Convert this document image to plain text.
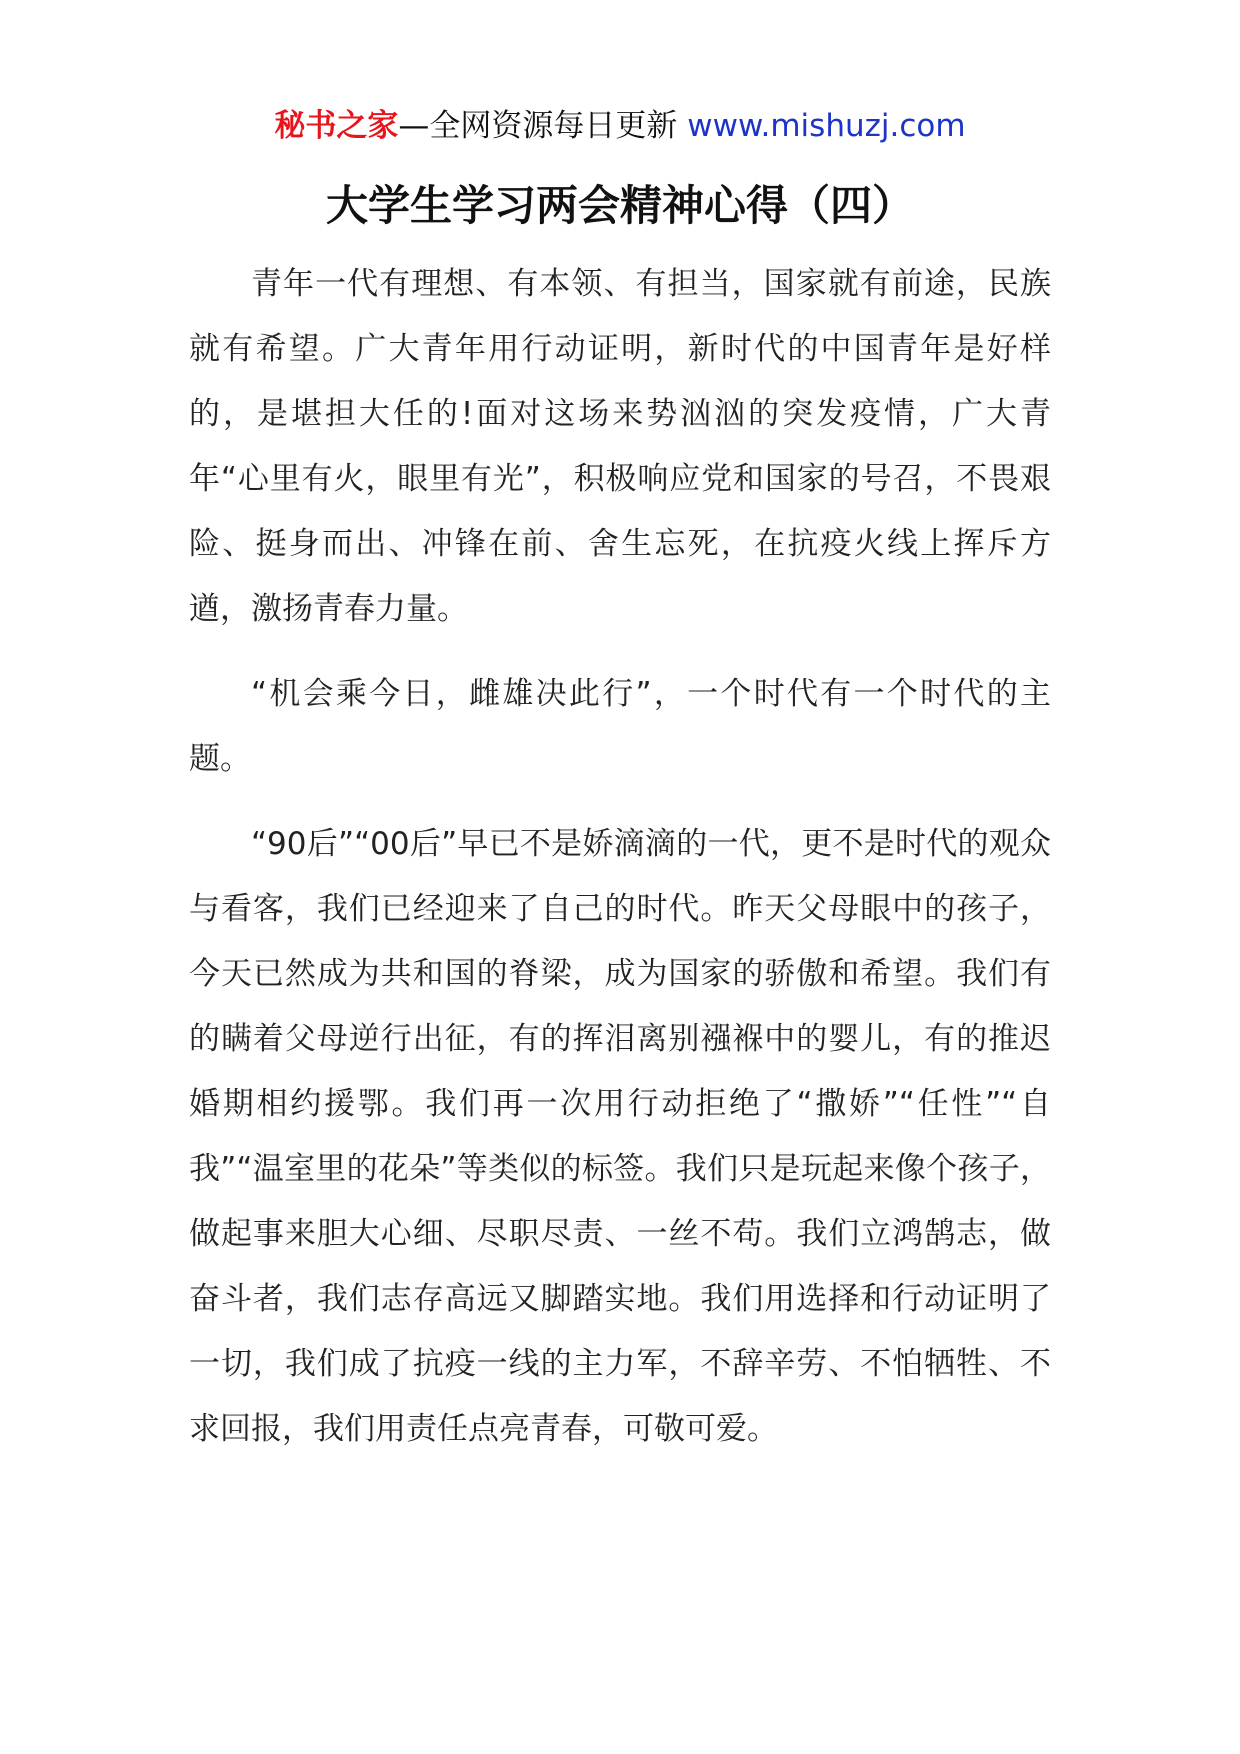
秘书之家—全网资源每日更新 www.mishuzj.com
大学生学习两会精神心得（四）

青年一代有理想、有本领、有担当，国家就有前途，民族就有希望。广大青年用行动证明，新时代的中国青年是好样的，是堪担大任的!面对这场来势汹汹的突发疫情，广大青年“心里有火，眼里有光”，积极响应党和国家的号召，不畏艰险、挺身而出、冲锋在前、舍生忘死，在抗疫火线上挥斥方遒，激扬青春力量。

“机会乘今日，雌雄决此行”，一个时代有一个时代的主题。

“90后”“00后”早已不是娇滴滴的一代，更不是时代的观众与看客，我们已经迎来了自己的时代。昨天父母眼中的孩子，今天已然成为共和国的脊梁，成为国家的骄傲和希望。我们有的瞒着父母逆行出征，有的挥泪离别襁褓中的婴儿，有的推迟婚期相约援鄂。我们再一次用行动拒绝了“撒娇”“任性”“自我”“温室里的花朵”等类似的标签。我们只是玩起来像个孩子，做起事来胆大心细、尽职尽责、一丝不苟。我们立鸿鹄志，做奋斗者，我们志存高远又脚踏实地。我们用选择和行动证明了一切，我们成了抗疫一线的主力军，不辞辛劳、不怕牺牲、不求回报，我们用责任点亮青春，可敬可爱。
